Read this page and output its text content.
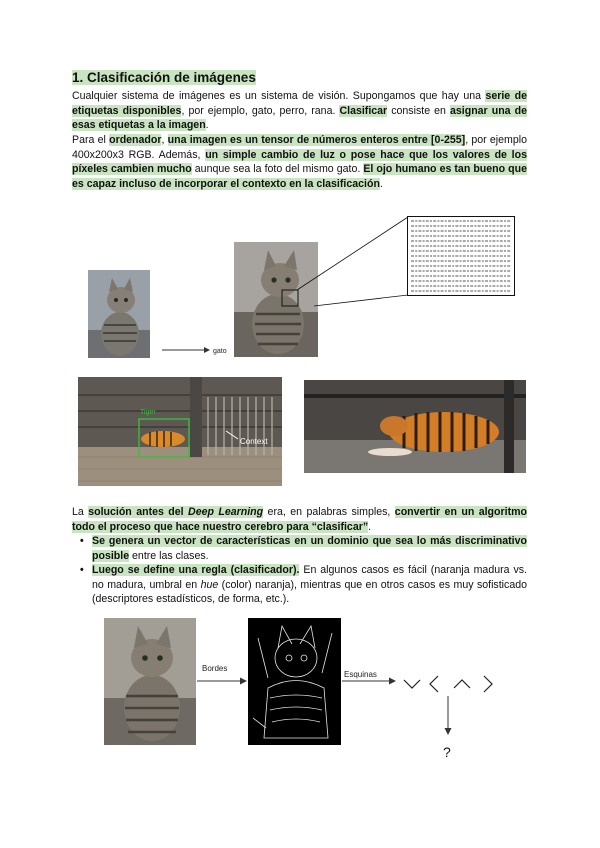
1. Clasificación de imágenes
Cualquier sistema de imágenes es un sistema de visión. Supongamos que hay una serie de etiquetas disponibles, por ejemplo, gato, perro, rana. Clasificar consiste en asignar una de esas etiquetas a la imagen.
Para el ordenador, una imagen es un tensor de números enteros entre [0-255], por ejemplo 400x200x3 RGB. Además, un simple cambio de luz o pose hace que los valores de los píxeles cambien mucho aunque sea la foto del mismo gato. El ojo humano es tan bueno que es capaz incluso de incorporar el contexto en la clasificación.
gato
Tiger
Context
La solución antes del Deep Learning era, en palabras simples, convertir en un algoritmo todo el proceso que hace nuestro cerebro para “clasificar”.
• Se genera un vector de características en un dominio que sea lo más discriminativo posible entre las clases.
• Luego se define una regla (clasificador). En algunos casos es fácil (naranja madura vs. no madura, umbral en hue (color) naranja), mientras que en otros casos es muy sofisticado (descriptores estadísticos, de forma, etc.).
Bordes
Esquinas
?
